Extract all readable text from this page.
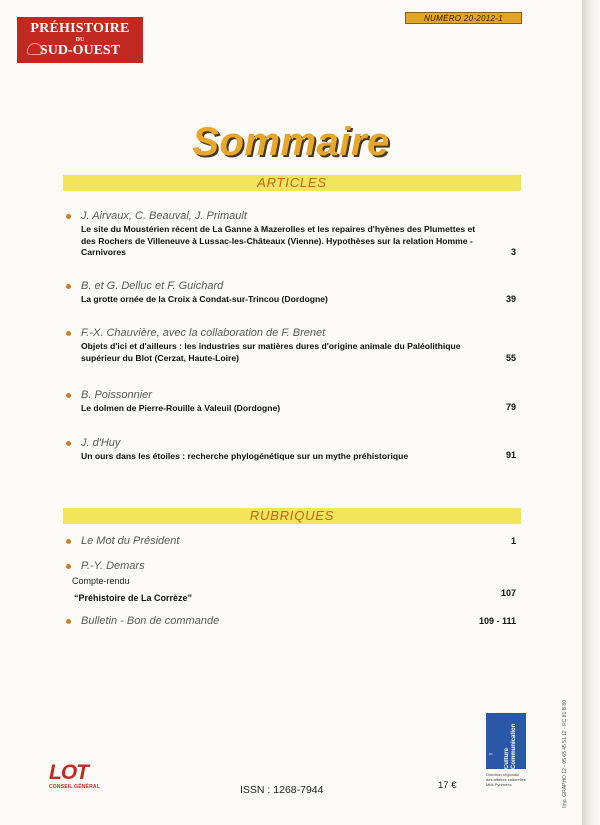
PRÉHISTOIRE
DU
SUD-OUEST
NUMÉRO 20-2012-1
Sommaire
ARTICLES
J. Airvaux, C. Beauval, J. Primault
Le site du Moustérien récent de La Ganne à Mazerolles et les repaires d'hyènes des Plumettes et des Rochers de Villeneuve à Lussac-les-Châteaux (Vienne). Hypothèses sur la relation Homme - Carnivores	3
B. et G. Delluc et F. Guichard
La grotte ornée de la Croix à Condat-sur-Trincou (Dordogne)	39
F.-X. Chauvière, avec la collaboration de F. Brenet
Objets d'ici et d'ailleurs : les industries sur matières dures d'origine animale du Paléolithique supérieur du Blot (Cerzat, Haute-Loire)	55
B. Poissonnier
Le dolmen de Pierre-Rouille à Valeuil (Dordogne)	79
J. d'Huy
Un ours dans les étoiles : recherche phylogénétique sur un mythe préhistorique	91
RUBRIQUES
Le Mot du Président	1
P.-Y. Demars
Compte-rendu
“Préhistoire de La Corrèze”	107
Bulletin - Bon de commande	109 - 111
LOT
CONSEIL GÉNÉRAL	ISSN : 1268-7944	17 €
Culture Communication
RF
Direction régionale des affaires culturelles Midi-Pyrénées	Imp. GRAPHO 12 - 05 65 45 51 12 - RC 81 B 80
